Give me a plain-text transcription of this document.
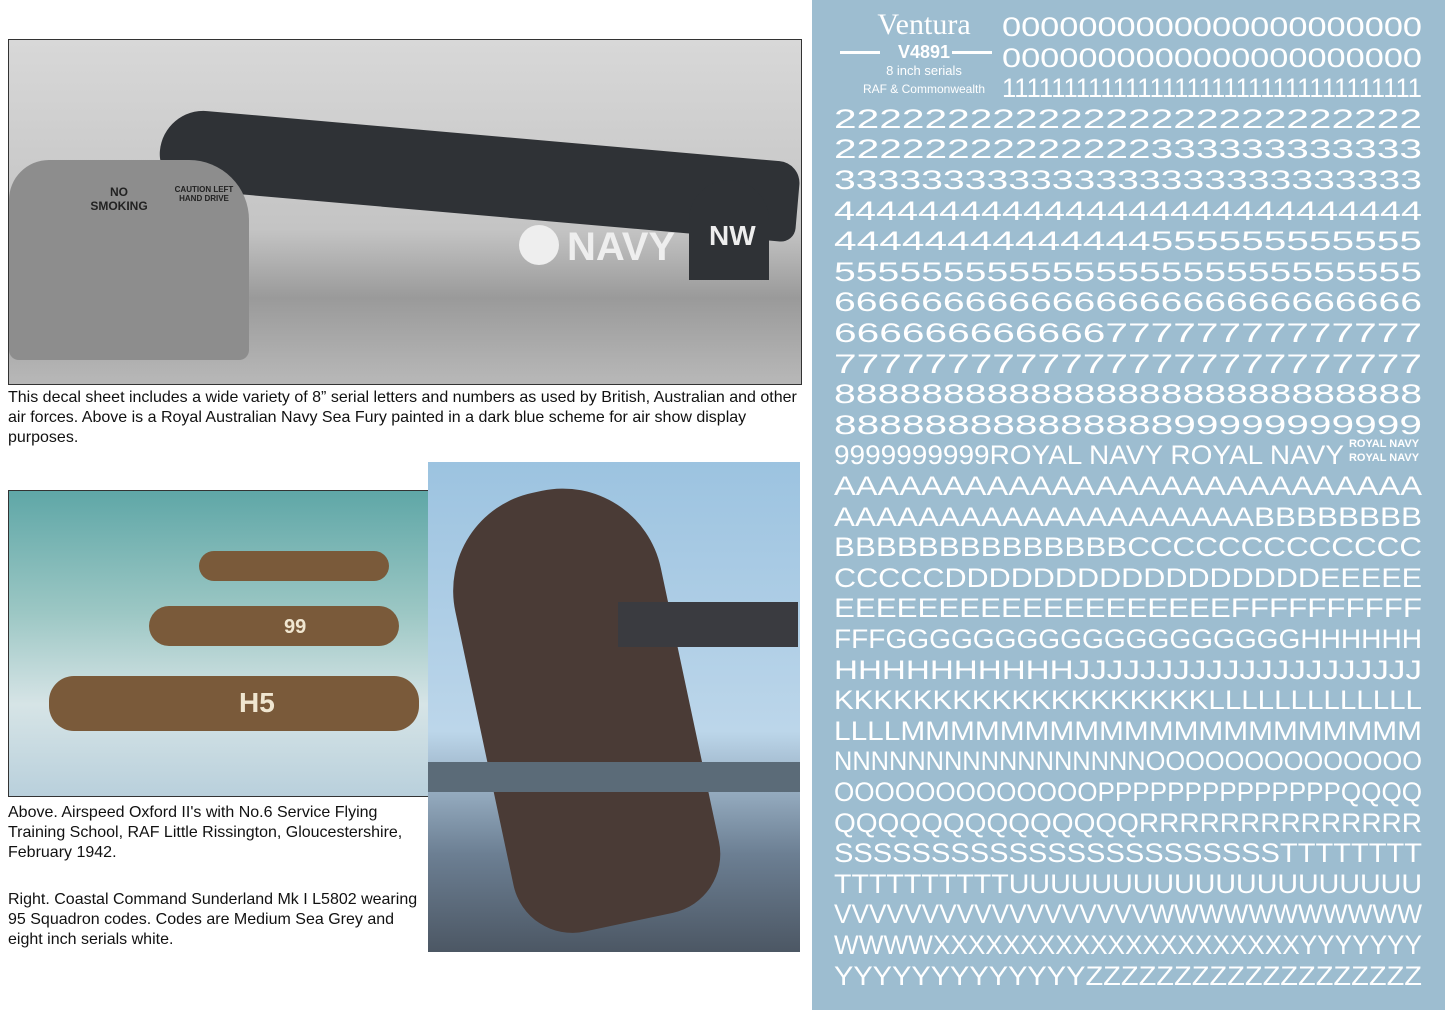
NAVY NW
NO SMOKING
CAUTION LEFT HAND DRIVE
This decal sheet includes a wide variety of 8” serial letters and numbers as used by British, Australian and other air forces. Above is a Royal Australian Navy Sea Fury painted in a dark blue scheme for air show display purposes.
H5
99
Above. Airspeed Oxford II's with No.6 Service Flying Training School, RAF Little Rissington, Gloucestershire, February 1942.
Right. Coastal Command Sunderland Mk I L5802 wearing 95 Squadron codes. Codes are Medium Sea Grey and eight inch serials white.
Ventura
V4891
8 inch serials
RAF & Commonwealth
0000000000000000000000
0000000000000000000000
1111111111111111111111111111111111
22222222222222222222222222
22222222222222333333333333
333333333333333333333333333
4444444444444444444444444444
44444444444444555555555555
555555555555555555555555555
666666666666666666666666666
66666666666677777777777777
77777777777777777777777777
888888888888888888888888888
88888888888888899999999999
9999999999ROYAL NAVY ROYAL NAVY
AAAAAAAAAAAAAAAAAAAAAAAAAAA
AAAAAAAAAAAAAAAAAAAABBBBBBBB
BBBBBBBBBBBBBBCCCCCCCCCCCCC
CCCCCDDDDDDDDDDDDDDDDDEEEEE
EEEEEEEEEEEEEEEEEEEFFFFFFFFFF
FFFGGGGGGGGGGGGGGGGGGGHHHHHH
HHHHHHHHHHJJJJJJJJJJJJJJJJJJJJJ
KKKKKKKKKKKKKKKKKKKLLLLLLLLLLLLL
LLLLMMMMMMMMMMMMMMMMMMMMM
NNNNNNNNNNNNNNNNNOOOOOOOOOOOOOO
OOOOOOOOOOOOOPPPPPPPPPPPPPPQQQQ
QQQQQQQQQQQQQQRRRRRRRRRRRRRR
SSSSSSSSSSSSSSSSSSSSSSSTTTTTTTT
TTTTTTTTTTUUUUUUUUUUUUUUUUUUUU
VVVVVVVVVVVVVVVVVVWWWWWWWWWWW
WWWWXXXXXXXXXXXXXXXXXXXXXYYYYYYY
YYYYYYYYYYYYYZZZZZZZZZZZZZZZZZZZ
ROYAL NAVY
ROYAL NAVY
